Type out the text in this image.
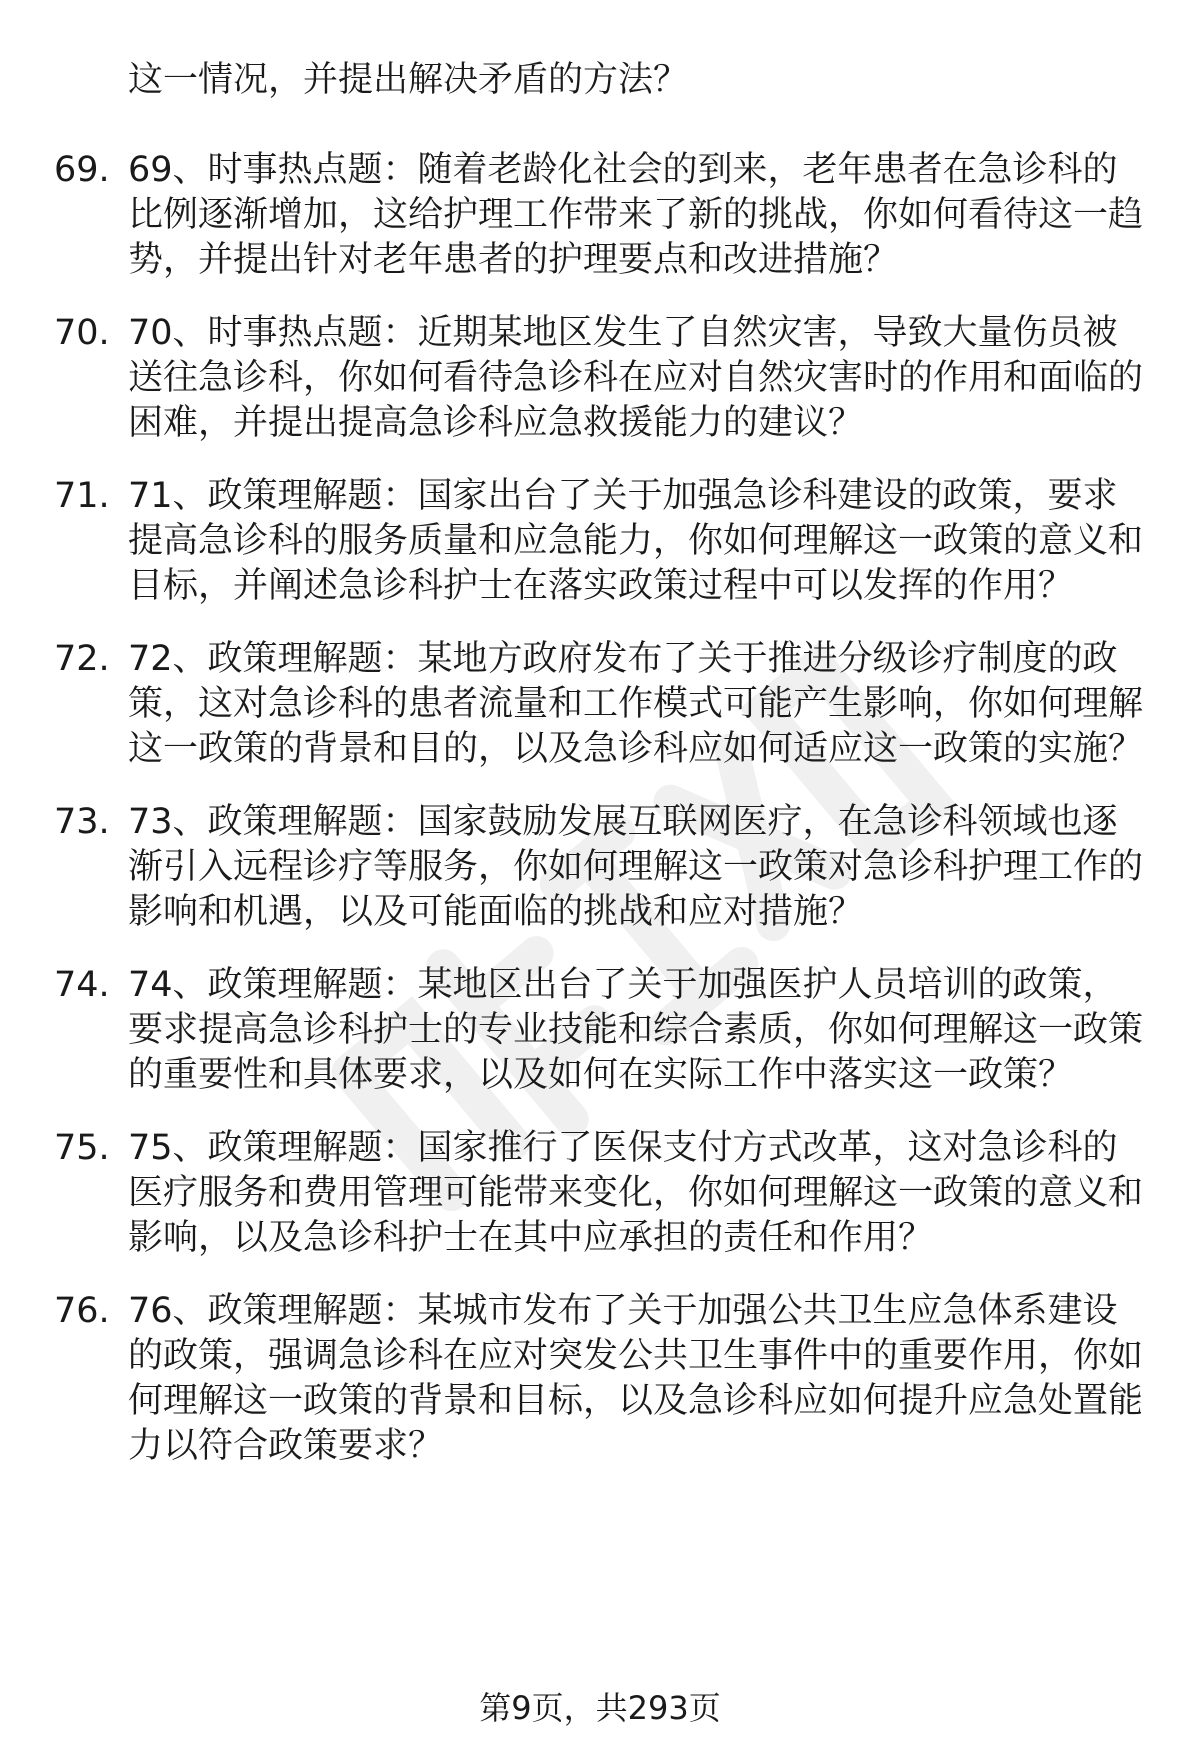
这一情况，并提出解决矛盾的方法？

69. 69、时事热点题：随着老龄化社会的到来，老年患者在急诊科的比例逐渐增加，这给护理工作带来了新的挑战，你如何看待这一趋势，并提出针对老年患者的护理要点和改进措施？

70. 70、时事热点题：近期某地区发生了自然灾害，导致大量伤员被送往急诊科，你如何看待急诊科在应对自然灾害时的作用和面临的困难，并提出提高急诊科应急救援能力的建议？

71. 71、政策理解题：国家出台了关于加强急诊科建设的政策，要求提高急诊科的服务质量和应急能力，你如何理解这一政策的意义和目标，并阐述急诊科护士在落实政策过程中可以发挥的作用？

72. 72、政策理解题：某地方政府发布了关于推进分级诊疗制度的政策，这对急诊科的患者流量和工作模式可能产生影响，你如何理解这一政策的背景和目的，以及急诊科应如何适应这一政策的实施？

73. 73、政策理解题：国家鼓励发展互联网医疗，在急诊科领域也逐渐引入远程诊疗等服务，你如何理解这一政策对急诊科护理工作的影响和机遇，以及可能面临的挑战和应对措施？

74. 74、政策理解题：某地区出台了关于加强医护人员培训的政策，要求提高急诊科护士的专业技能和综合素质，你如何理解这一政策的重要性和具体要求，以及如何在实际工作中落实这一政策？

75. 75、政策理解题：国家推行了医保支付方式改革，这对急诊科的医疗服务和费用管理可能带来变化，你如何理解这一政策的意义和影响，以及急诊科护士在其中应承担的责任和作用？

76. 76、政策理解题：某城市发布了关于加强公共卫生应急体系建设的政策，强调急诊科在应对突发公共卫生事件中的重要作用，你如何理解这一政策的背景和目标，以及急诊科应如何提升应急处置能力以符合政策要求？

第9页，共293页
